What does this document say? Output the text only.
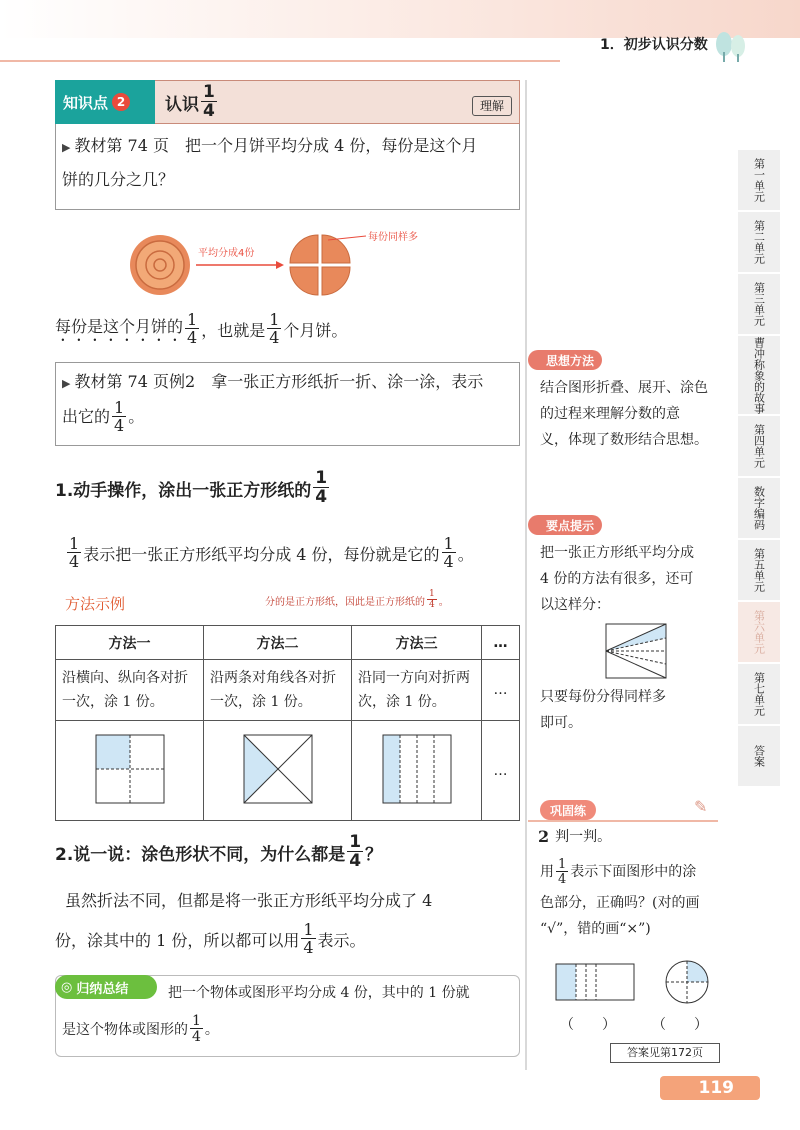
1．初步认识分数
知识点 2 认识 $\frac{1}{4}$	理解
▶ 教材第 74 页　 把一个月饼平均分成 4 份，每份是这个月
饼的几分之几？
平均分成4份
每份同样多
每份是这个月饼的 $\frac{1}{4}$ ，也就是 $\frac{1}{4}$ 个月饼。
▶ 教材第 74 页例2　 拿一张正方形纸折一折、涂一涂，表示
出它的 $\frac{1}{4}$ 。
1.动手操作，涂出一张正方形纸的 $\frac{1}{4}$
$\frac{1}{4}$ 表示把一张正方形纸平均分成 4 份，每份就是它的 $\frac{1}{4}$ 。
方法示例	分的是正方形纸，因此是正方形纸的 $\frac{1}{4}$ 。
方法一	方法二	方法三	…
沿横向、纵向各对折一次，涂 1 份。	沿两条对角线各对折一次，涂 1 份。	沿同一方向对折两次，涂 1 份。	…
			…
2.说一说：涂色形状不同，为什么都是 $\frac{1}{4}$ ？
虽然折法不同，但都是将一张正方形纸平均分成了 4
份，涂其中的 1 份，所以都可以用 $\frac{1}{4}$ 表示。
◎ 归纳总结	把一个物体或图形平均分成 4 份，其中的 1 份就
是这个物体或图形的 $\frac{1}{4}$ 。
思想方法
结合图形折叠、展开、涂色
的过程来理解分数的意
义，体现了数形结合思想。
要点提示
把一张正方形纸平均分成
4 份的方法有很多，还可
以这样分：
只要每份分得同样多
即可。
巩固练	✎
2 判一判。
用 $\frac{1}{4}$ 表示下面图形中的涂
色部分，正确吗？(对的画
“√”，错的画“×”)
（　　）	（　　）
答案见第172页
第一单元
第二单元
第三单元
曹冲称象的故事
第四单元
数字编码
第五单元
第六单元
第七单元
答案
119
